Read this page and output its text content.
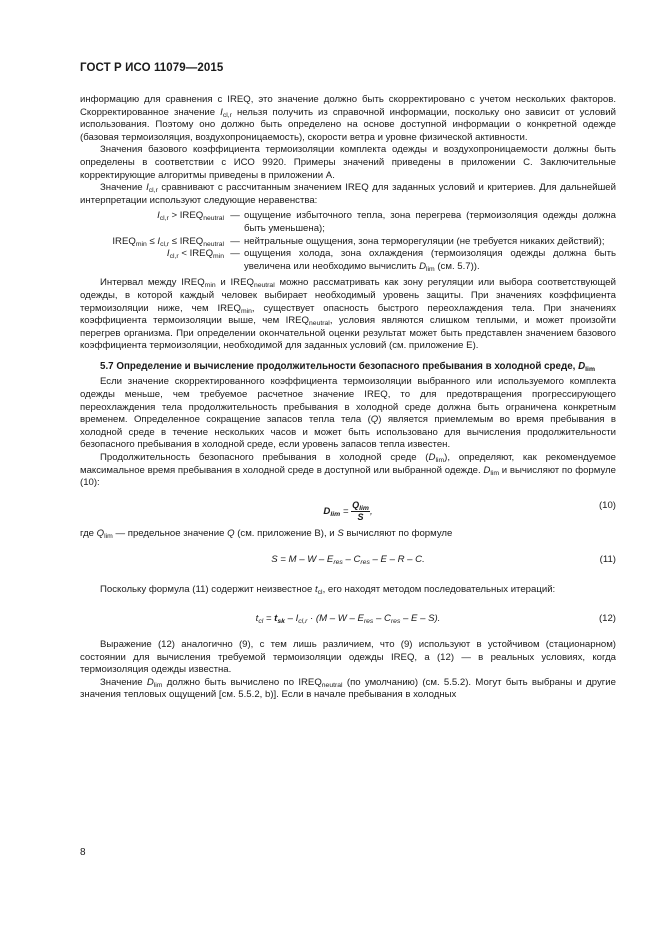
ГОСТ Р ИСО 11079—2015

информацию для сравнения с IREQ, это значение должно быть скорректировано с учетом нескольких факторов. Скорректированное значение $I_{cl,r}$ нельзя получить из справочной информации, поскольку оно зависит от условий использования. Поэтому оно должно быть определено на основе доступной информации о конкретной одежде (базовая термоизоляция, воздухопроницаемость), скорости ветра и уровне физической активности.

Значения базового коэффициента термоизоляции комплекта одежды и воздухопроницаемости должны быть определены в соответствии с ИСО 9920. Примеры значений приведены в приложении С. Заключительные корректирующие алгоритмы приведены в приложении А.

Значение $I_{cl,r}$ сравнивают с рассчитанным значением IREQ для заданных условий и критериев. Для дальнейшей интерпретации используют следующие неравенства:

$I_{cl,r}$ > $IREQ_{neutral}$	—	ощущение избыточного тепла, зона перегрева (термоизоляция одежды должна быть уменьшена);
$IREQ_{min} \le I_{cl,r}$ ≤ $IREQ_{neutral}$	—	нейтральные ощущения, зона терморегуляции (не требуется никаких действий);
$I_{cl,r}$ < $IREQ_{min}$	—	ощущения холода, зона охлаждения (термоизоляция одежды должна быть увеличена или необходимо вычислить $D_{lim}$ (см. 5.7)).

Интервал между $IREQ_{min}$ и $IREQ_{neutral}$ можно рассматривать как зону регуляции или выбора соответствующей одежды, в которой каждый человек выбирает необходимый уровень защиты. При значениях коэффициента термоизоляции ниже, чем $IREQ_{min}$, существует опасность быстрого переохлаждения тела. При значениях коэффициента термоизоляции выше, чем $IREQ_{neutral}$, условия являются слишком теплыми, и может произойти перегрев организма. При определении окончательной оценки результат может быть представлен значением базового коэффициента термоизоляции, необходимой для заданных условий (см. приложение Е).

5.7 Определение и вычисление продолжительности безопасного пребывания в холодной среде, $D_{lim}$

Если значение скорректированного коэффициента термоизоляции выбранного или используемого комплекта одежды меньше, чем требуемое расчетное значение IREQ, то для предотвращения прогрессирующего переохлаждения тела продолжительность пребывания в холодной среде должна быть ограничена конкретным временем. Определенное сокращение запасов тепла тела (Q) является приемлемым во время пребывания в холодной среде в течение нескольких часов и может быть использовано для вычисления продолжительности безопасного пребывания в холодной среде, если уровень запасов тепла известен.

Продолжительность безопасного пребывания в холодной среде $(D_{lim})$, определяют, как рекомендуемое максимальное время пребывания в холодной среде в доступной или выбранной одежде. $D_{lim}$ и вычисляют по формуле (10):

$D_{lim} = \frac{Q_{lim}}{S}$ ,
(10)

где $Q_{lim}$ — предельное значение Q (см. приложение В), и S вычисляют по формуле

$S = M - W - E_{res} - C_{res} - E - R - C$.	(11)

Поскольку формула (11) содержит неизвестное $t_{cl}$, его находят методом последовательных итераций:

$t_{cl} = t_{sk} - I_{cl,r} \cdot (M - W - E_{res} - C_{res} - E - S)$.	(12)

Выражение (12) аналогично (9), с тем лишь различием, что (9) используют в устойчивом (стационарном) состоянии для вычисления требуемой термоизоляции одежды IREQ, а (12) — в реальных условиях, когда термоизоляция одежды известна.

Значение $D_{lim}$ должно быть вычислено по $IREQ_{neutral}$ (по умолчанию) (см. 5.5.2). Могут быть выбраны и другие значения тепловых ощущений [см. 5.5.2, b)]. Если в начале пребывания в холодных

8
